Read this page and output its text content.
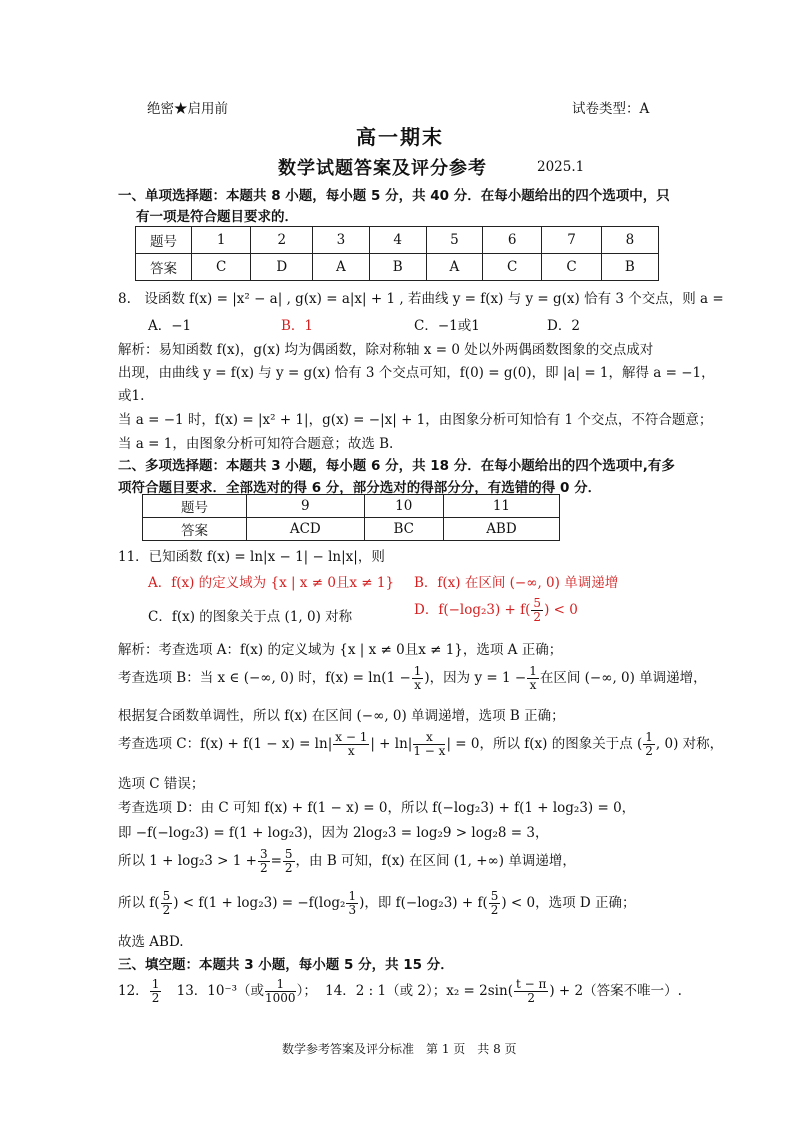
绝密★启用前	试卷类型：A
高一期末
数学试题答案及评分参考	2025.1
一、单项选择题：本题共 8 小题，每小题 5 分，共 40 分．在每小题给出的四个选项中，只
有一项是符合题目要求的．
题号	1	2	3	4	5	6	7	8
答案	C	D	A	B	A	C	C	B
8.　设函数 f(x) = |x² − a| , g(x) = a|x| + 1 , 若曲线 y = f(x) 与 y = g(x) 恰有 3 个交点，则 a =
A．−1	B．1	C．−1或1	D．2
解析：易知函数 f(x)，g(x) 均为偶函数，除对称轴 x = 0 处以外两偶函数图象的交点成对
出现，由曲线 y = f(x) 与 y = g(x) 恰有 3 个交点可知，f(0) = g(0)，即 |a| = 1，解得 a = −1，
或1.
当 a = −1 时，f(x) = |x² + 1|，g(x) = −|x| + 1，由图象分析可知恰有 1 个交点，不符合题意；
当 a = 1，由图象分析可知符合题意；故选 B.
二、多项选择题：本题共 3 小题，每小题 6 分，共 18 分．在每小题给出的四个选项中,有多
项符合题目要求．全部选对的得 6 分，部分选对的得部分分，有选错的得 0 分．
题号	9	10	11
答案	ACD	BC	ABD
11．已知函数 f(x) = ln|x − 1| − ln|x|，则
A．f(x) 的定义域为 {x | x ≠ 0且x ≠ 1} B．f(x) 在区间 (−∞, 0) 单调递增
C．f(x) 的图象关于点 (1, 0) 对称	D．$f(-\log_23) + f( \frac{5}{2}$ ) < 0
解析：考查选项 A：f(x) 的定义域为 {x | x ≠ 0且x ≠ 1}，选项 A 正确；
考查选项 B：当 x ∈ (−∞, 0) 时，$f(x) = \ln(1 - \frac{1}{x}$ )，因为 $y = 1 - \frac{1}{x}$ 在区间 (−∞, 0) 单调递增，
根据复合函数单调性，所以 f(x) 在区间 (−∞, 0) 单调递增，选项 B 正确；
考查选项 C：$f(x) + f(1 - x) = \ln| \frac{x - 1}{x}$ | + $\ln| \frac{x}{1 - x}$ | = 0，所以 f(x) 的图象关于点 ( $\frac{1}{2}$ , 0) 对称，
选项 C 错误；
考查选项 D：由 C 可知 f(x) + f(1 − x) = 0，所以 f(−log₂3) + f(1 + log₂3) = 0，
即 −f(−log₂3) = f(1 + log₂3)，因为 2log₂3 = log₂9 > log₂8 = 3，
所以 $1 + \log_23 > 1 + \frac{3}{2} = \frac{5}{2}$ ，由 B 可知，f(x) 在区间 (1, +∞) 单调递增，
所以 $f( \frac{5}{2}$ ) < $f(1 + \log_23) = -f(\log_2 \frac{1}{3}$ )，即 $f(-\log_23) + f( \frac{5}{2}$ ) < 0，选项 D 正确；
故选 ABD.
三、填空题：本题共 3 小题，每小题 5 分，共 15 分．
12． $\frac{1}{2} 13$．10⁻³（或 $\frac{1}{1000}$ ）； 14．2 : 1（或 2）；$x_2 = 2\sin( \frac{t - \pi}{2}$ ) + 2（答案不唯一）.
数学参考答案及评分标准　第 1 页　共 8 页
